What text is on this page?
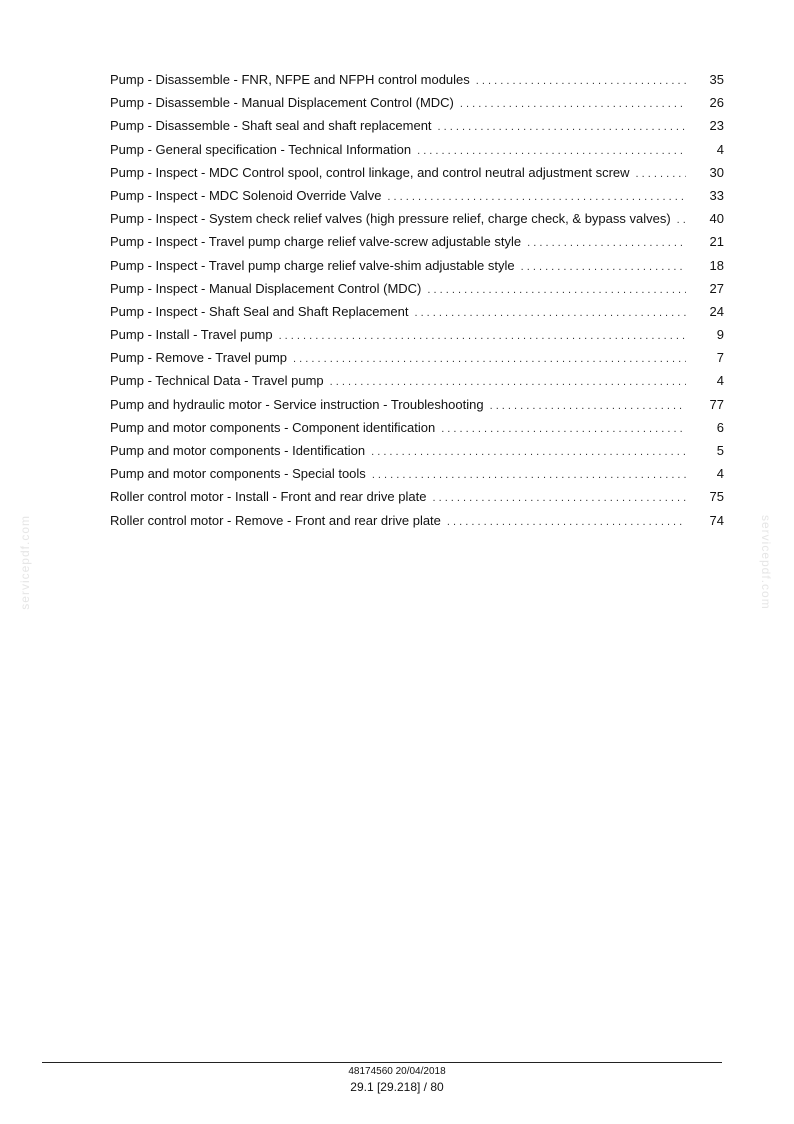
Pump - Disassemble - FNR, NFPE and NFPH control modules . . .	35
Pump - Disassemble - Manual Displacement Control (MDC) . . .	26
Pump - Disassemble - Shaft seal and shaft replacement . . .	23
Pump - General specification - Technical Information . . .	4
Pump - Inspect - MDC Control spool, control linkage, and control neutral adjustment screw . . .	30
Pump - Inspect - MDC Solenoid Override Valve . . .	33
Pump - Inspect - System check relief valves (high pressure relief, charge check, & bypass valves) . . .	40
Pump - Inspect - Travel pump charge relief valve-screw adjustable style . . .	21
Pump - Inspect - Travel pump charge relief valve-shim adjustable style . . .	18
Pump - Inspect - Manual Displacement Control (MDC) . . .	27
Pump - Inspect - Shaft Seal and Shaft Replacement . . .	24
Pump - Install - Travel pump . . .	9
Pump - Remove - Travel pump . . .	7
Pump - Technical Data - Travel pump . . .	4
Pump and hydraulic motor - Service instruction - Troubleshooting . . .	77
Pump and motor components - Component identification . . .	6
Pump and motor components - Identification . . .	5
Pump and motor components - Special tools . . .	4
Roller control motor - Install - Front and rear drive plate . . .	75
Roller control motor - Remove - Front and rear drive plate . . .	74
servicepdf.com	servicepdf.com
48174560 20/04/2018
29.1 [29.218] / 80
